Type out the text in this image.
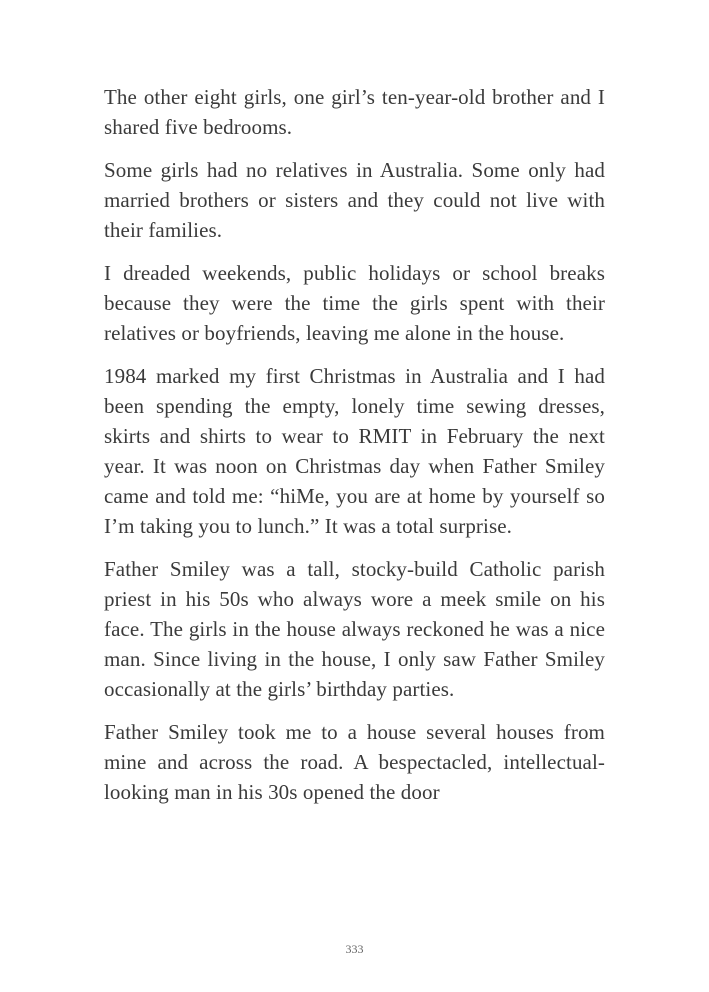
The other eight girls, one girl’s ten-year-old brother and I shared five bedrooms.

Some girls had no relatives in Australia. Some only had married brothers or sisters and they could not live with their families.

I dreaded weekends, public holidays or school breaks because they were the time the girls spent with their relatives or boyfriends, leaving me alone in the house.

1984 marked my first Christmas in Australia and I had been spending the empty, lonely time sewing dresses, skirts and shirts to wear to RMIT in February the next year. It was noon on Christmas day when Father Smiley came and told me: “hiMe, you are at home by yourself so I’m taking you to lunch.” It was a total surprise.

Father Smiley was a tall, stocky-build Catholic parish priest in his 50s who always wore a meek smile on his face. The girls in the house always reckoned he was a nice man. Since living in the house, I only saw Father Smiley occasionally at the girls’ birthday parties.

Father Smiley took me to a house several houses from mine and across the road. A bespectacled, intellectual-looking man in his 30s opened the door

333
